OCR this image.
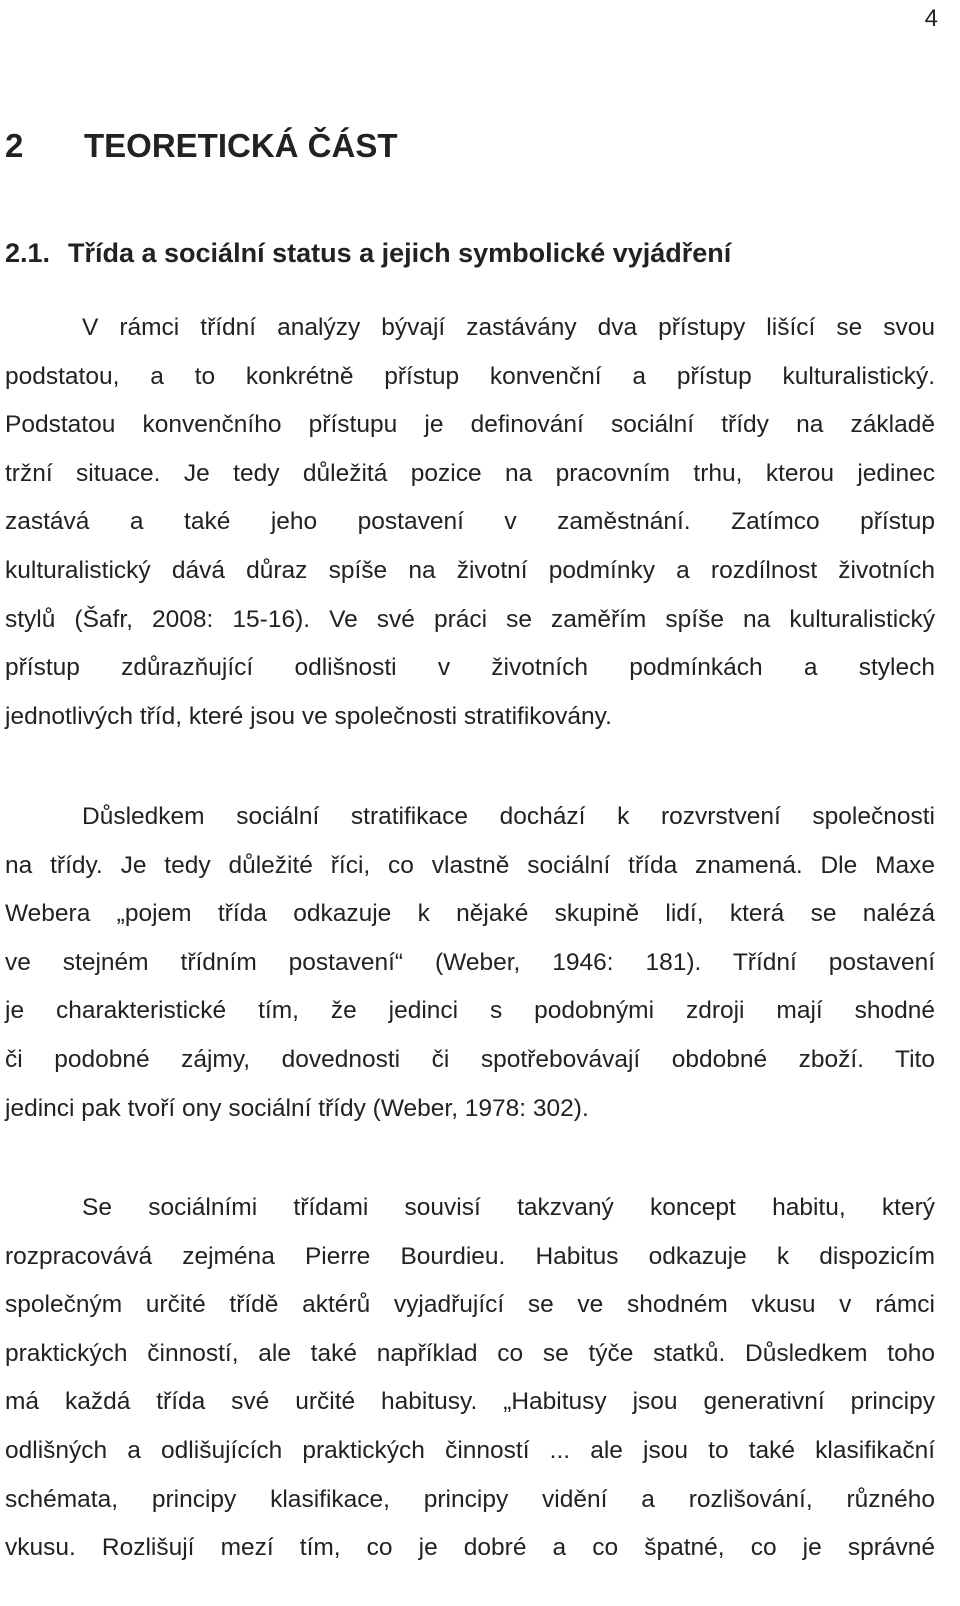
4
2 TEORETICKÁ ČÁST
2.1. Třída a sociální status a jejich symbolické vyjádření
V rámci třídní analýzy bývají zastávány dva přístupy lišící se svou
podstatou, a to konkrétně přístup konvenční a přístup kulturalistický.
Podstatou konvenčního přístupu je definování sociální třídy na základě
tržní situace. Je tedy důležitá pozice na pracovním trhu, kterou jedinec
zastává a také jeho postavení v zaměstnání. Zatímco přístup
kulturalistický dává důraz spíše na životní podmínky a rozdílnost životních
stylů (Šafr, 2008: 15-16). Ve své práci se zaměřím spíše na kulturalistický
přístup zdůrazňující odlišnosti v životních podmínkách a stylech
jednotlivých tříd, které jsou ve společnosti stratifikovány.
Důsledkem sociální stratifikace dochází k rozvrstvení společnosti
na třídy. Je tedy důležité říci, co vlastně sociální třída znamená. Dle Maxe
Webera „pojem třída odkazuje k nějaké skupině lidí, která se nalézá
ve stejném třídním postavení“ (Weber, 1946: 181). Třídní postavení
je charakteristické tím, že jedinci s podobnými zdroji mají shodné
či podobné zájmy, dovednosti či spotřebovávají obdobné zboží. Tito
jedinci pak tvoří ony sociální třídy (Weber, 1978: 302).
Se sociálními třídami souvisí takzvaný koncept habitu, který
rozpracovává zejména Pierre Bourdieu. Habitus odkazuje k dispozicím
společným určité třídě aktérů vyjadřující se ve shodném vkusu v rámci
praktických činností, ale také například co se týče statků. Důsledkem toho
má každá třída své určité habitusy. „Habitusy jsou generativní principy
odlišných a odlišujících praktických činností ... ale jsou to také klasifikační
schémata, principy klasifikace, principy vidění a rozlišování, různého
vkusu. Rozlišují mezí tím, co je dobré a co špatné, co je správné
